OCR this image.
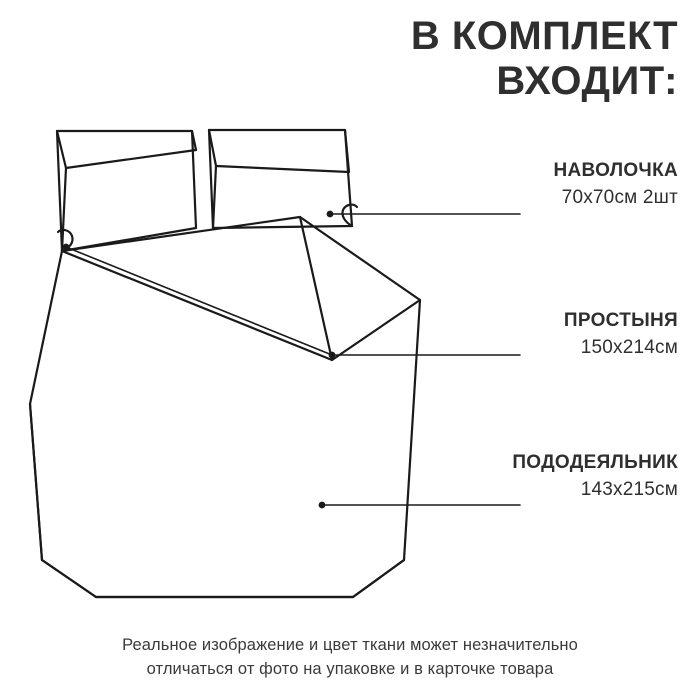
В КОМПЛЕКТ
ВХОДИТ:
НАВОЛОЧКА
70х70см 2шт
ПРОСТЫНЯ
150х214см
ПОДОДЕЯЛЬНИК
143х215см
Реальное изображение и цвет ткани может незначительно
отличаться от фото на упаковке и в карточке товара
